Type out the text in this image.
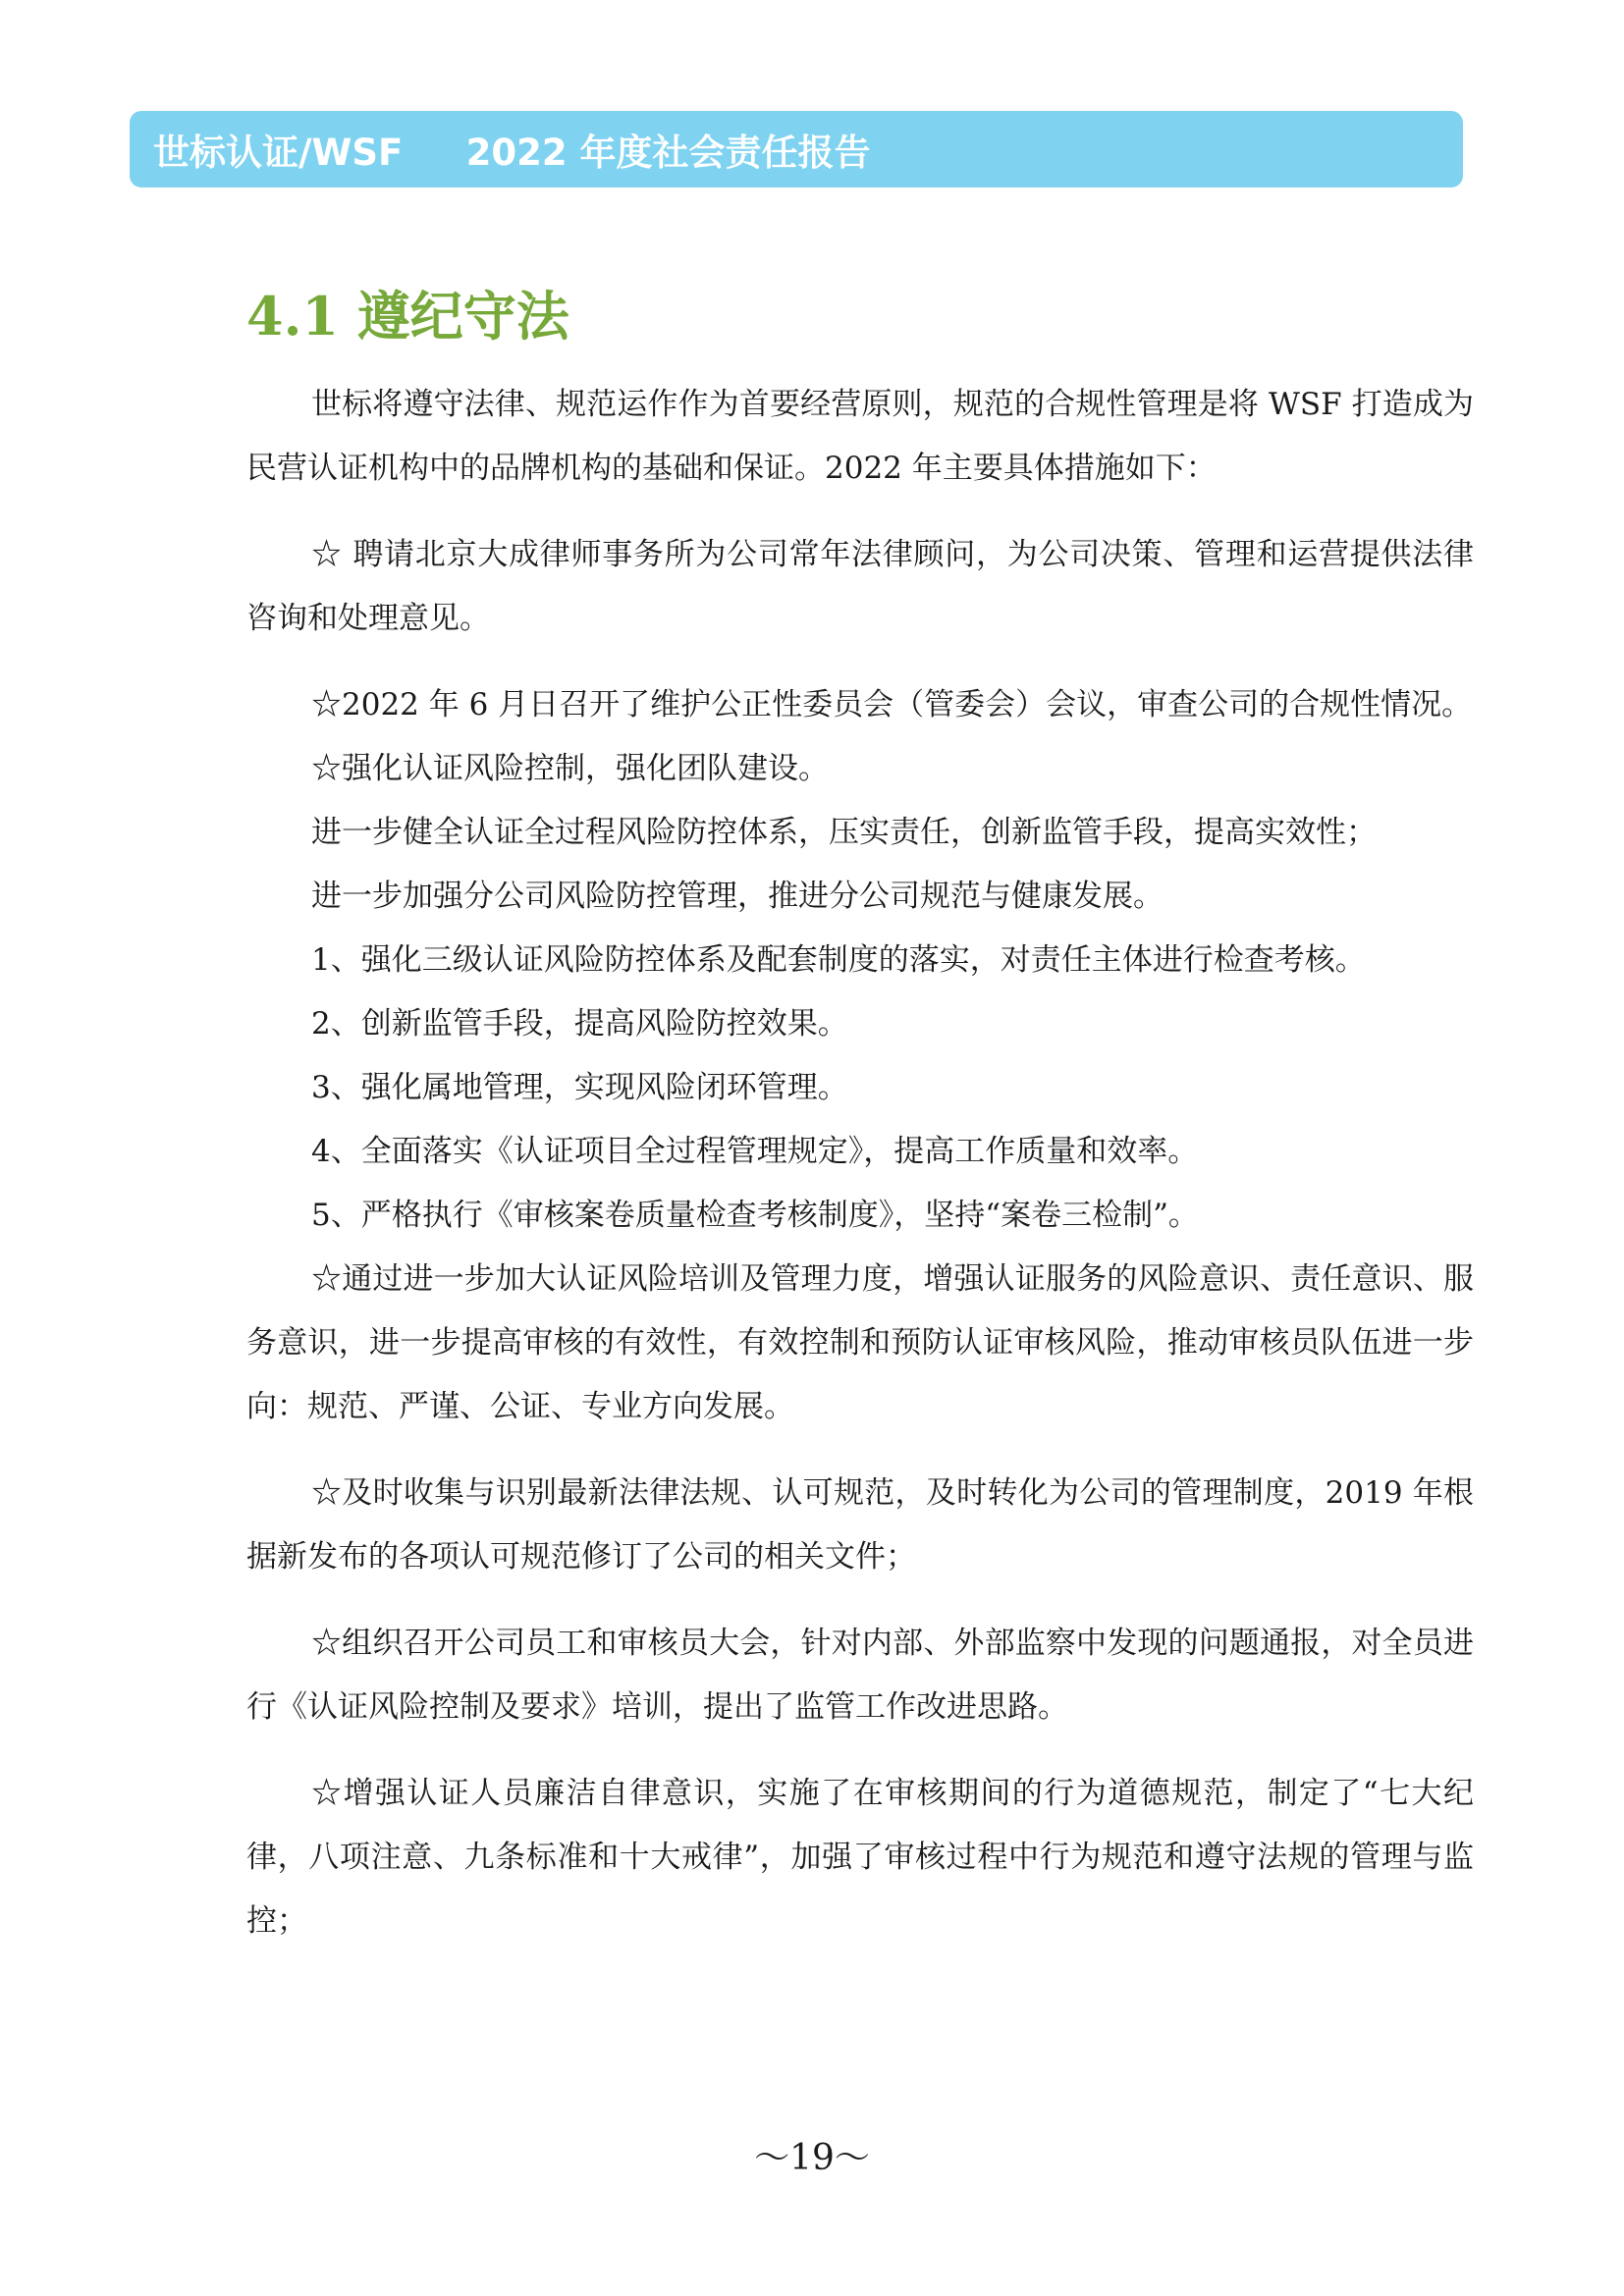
世标认证/WSF     2022 年度社会责任报告
4.1 遵纪守法

世标将遵守法律、规范运作作为首要经营原则，规范的合规性管理是将 WSF 打造成为民营认证机构中的品牌机构的基础和保证。2022 年主要具体措施如下：

☆ 聘请北京大成律师事务所为公司常年法律顾问，为公司决策、管理和运营提供法律咨询和处理意见。

☆2022 年 6 月日召开了维护公正性委员会（管委会）会议，审查公司的合规性情况。

☆强化认证风险控制，强化团队建设。

进一步健全认证全过程风险防控体系，压实责任，创新监管手段，提高实效性；

进一步加强分公司风险防控管理，推进分公司规范与健康发展。

1、强化三级认证风险防控体系及配套制度的落实，对责任主体进行检查考核。

2、创新监管手段，提高风险防控效果。

3、强化属地管理，实现风险闭环管理。

4、全面落实《认证项目全过程管理规定》，提高工作质量和效率。

5、严格执行《审核案卷质量检查考核制度》，坚持“案卷三检制”。

☆通过进一步加大认证风险培训及管理力度，增强认证服务的风险意识、责任意识、服务意识，进一步提高审核的有效性，有效控制和预防认证审核风险，推动审核员队伍进一步向：规范、严谨、公证、专业方向发展。

☆及时收集与识别最新法律法规、认可规范，及时转化为公司的管理制度，2019 年根据新发布的各项认可规范修订了公司的相关文件；

☆组织召开公司员工和审核员大会，针对内部、外部监察中发现的问题通报，对全员进行《认证风险控制及要求》培训，提出了监管工作改进思路。

☆增强认证人员廉洁自律意识，实施了在审核期间的行为道德规范，制定了“七大纪律，八项注意、九条标准和十大戒律”，加强了审核过程中行为规范和遵守法规的管理与监控；

～19～
